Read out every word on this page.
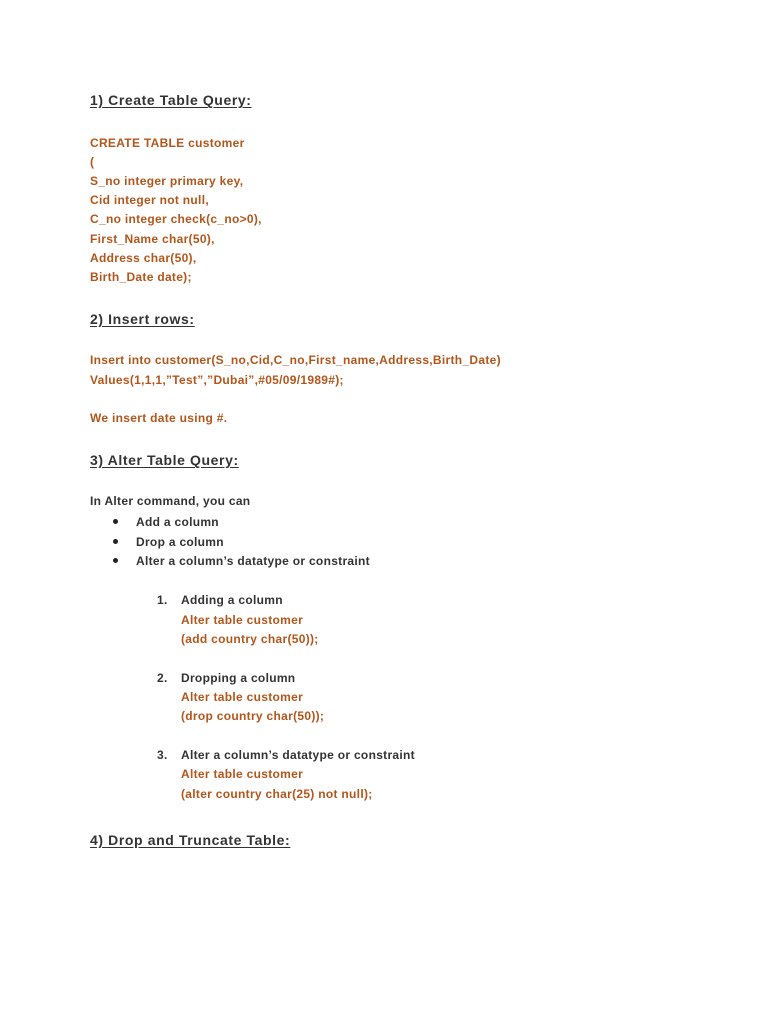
1) Create Table Query:
CREATE TABLE customer
(
S_no integer primary key,
Cid integer not null,
C_no integer check(c_no>0),
First_Name char(50),
Address char(50),
Birth_Date date);
2) Insert rows:
Insert into customer(S_no,Cid,C_no,First_name,Address,Birth_Date)
Values(1,1,1,”Test”,”Dubai”,#05/09/1989#);
We insert date using #.
3) Alter Table Query:
In Alter command, you can
Add a column
Drop a column
Alter a column’s datatype or constraint
1. Adding a column
Alter table customer
(add country char(50));
2. Dropping a column
Alter table customer
(drop country char(50));
3. Alter a column’s datatype or constraint
Alter table customer
(alter country char(25) not null);
4) Drop and Truncate Table:
